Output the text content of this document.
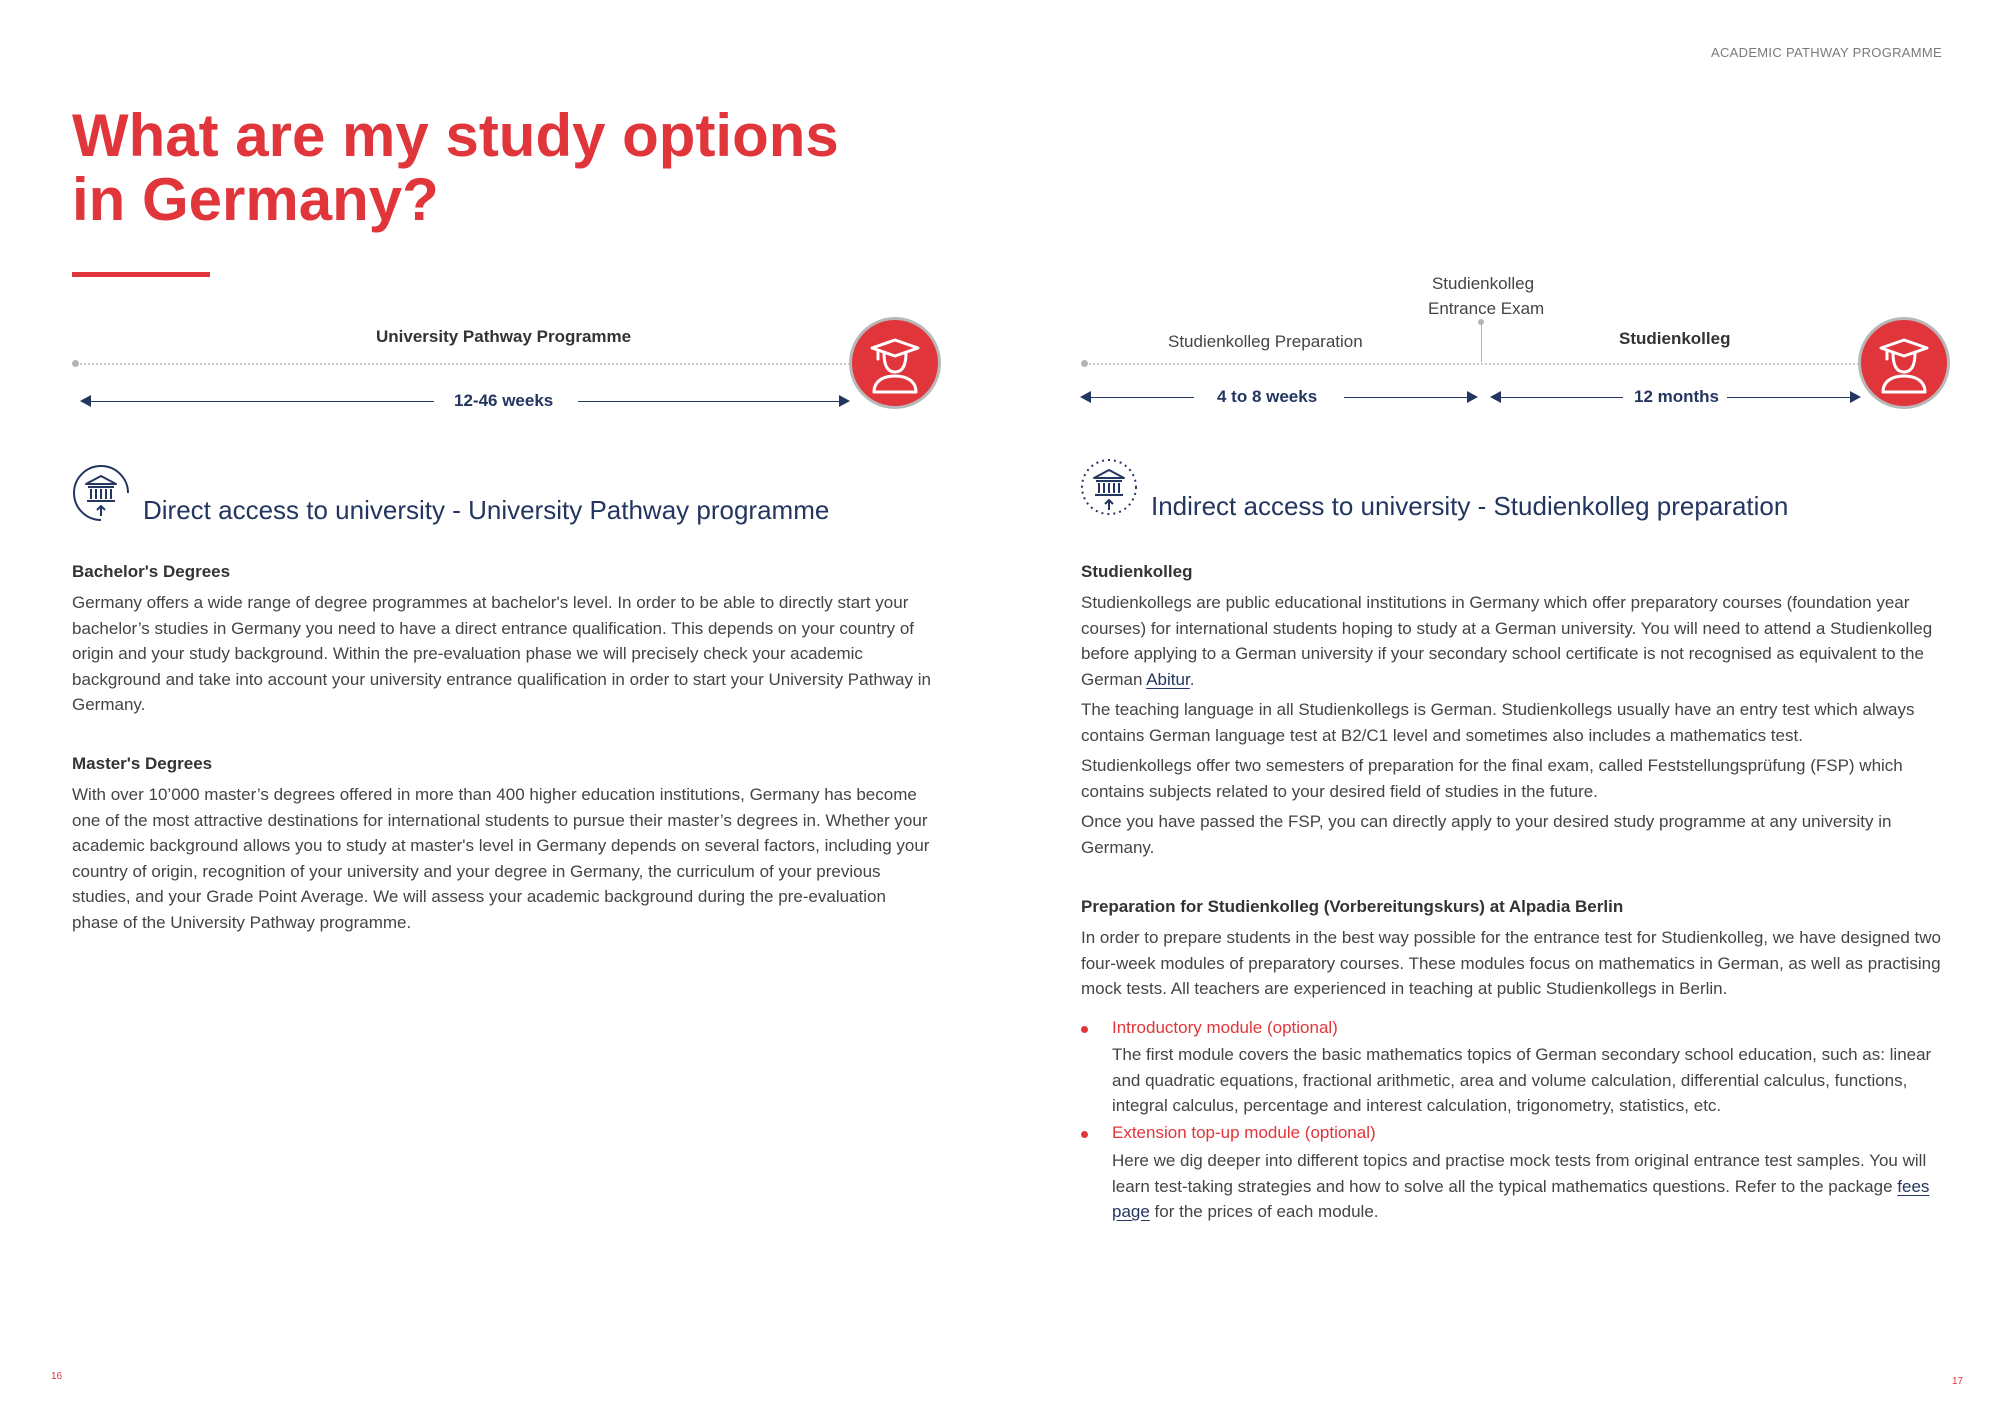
ACADEMIC PATHWAY PROGRAMME
What are my study options
in Germany?
University Pathway Programme
12-46 weeks
Studienkolleg
Entrance Exam
Studienkolleg Preparation	Studienkolleg
4 to 8 weeks	12 months
Direct access to university - University Pathway programme
Bachelor's Degrees

Germany offers a wide range of degree programmes at bachelor's level. In order to be able to directly start your bachelor’s studies in Germany you need to have a direct entrance qualification. This depends on your country of origin and your study background. Within the pre-evaluation phase we will precisely check your academic background and take into account your university entrance qualification in order to start your University Pathway in Germany.

Master's Degrees

With over 10’000 master’s degrees offered in more than 400 higher education institutions, Germany has become one of the most attractive destinations for international students to pursue their master’s degrees in. Whether your academic background allows you to study at master's level in Germany depends on several factors, including your country of origin, recognition of your university and your degree in Germany, the curriculum of your previous studies, and your Grade Point Average. We will assess your academic background during the pre-evaluation phase of the University Pathway programme.

Indirect access to university - Studienkolleg preparation
Studienkolleg

Studienkollegs are public educational institutions in Germany which offer preparatory courses (foundation year courses) for international students hoping to study at a German university. You will need to attend a Studienkolleg before applying to a German university if your secondary school certificate is not recognised as equivalent to the German Abitur.

The teaching language in all Studienkollegs is German. Studienkollegs usually have an entry test which always contains German language test at B2/C1 level and sometimes also includes a mathematics test.

Studienkollegs offer two semesters of preparation for the final exam, called Feststellungsprüfung (FSP) which contains subjects related to your desired field of studies in the future.

Once you have passed the FSP, you can directly apply to your desired study programme at any university in Germany.

Preparation for Studienkolleg (Vorbereitungskurs) at Alpadia Berlin

In order to prepare students in the best way possible for the entrance test for Studienkolleg, we have designed two four-week modules of preparatory courses. These modules focus on mathematics in German, as well as practising mock tests. All teachers are experienced in teaching at public Studienkollegs in Berlin.

Introductory module (optional)

The first module covers the basic mathematics topics of German secondary school education, such as: linear and quadratic equations, fractional arithmetic, area and volume calculation, differential calculus, functions, integral calculus, percentage and interest calculation, trigonometry, statistics, etc.

Extension top-up module (optional)

Here we dig deeper into different topics and practise mock tests from original entrance test samples. You will learn test-taking strategies and how to solve all the typical mathematics questions. Refer to the package fees page for the prices of each module.

16	17
